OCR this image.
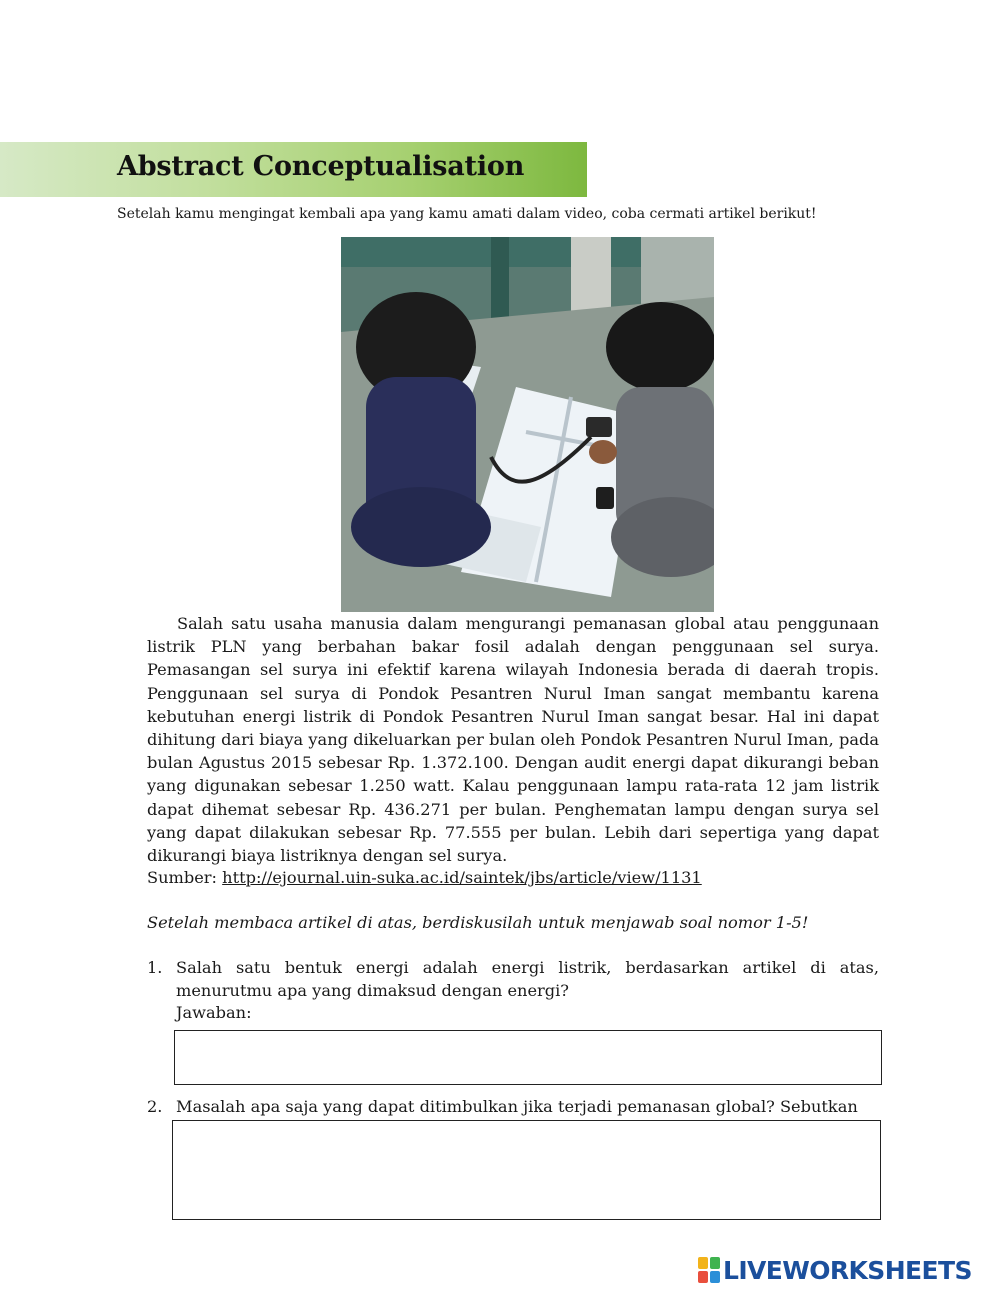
Abstract Conceptualisation
Setelah kamu mengingat kembali apa yang kamu amati dalam video, coba cermati artikel berikut!
Salah satu usaha manusia dalam mengurangi pemanasan global atau penggunaan listrik PLN yang berbahan bakar fosil adalah dengan penggunaan sel surya. Pemasangan sel surya ini efektif karena wilayah Indonesia berada di daerah tropis. Penggunaan sel surya di Pondok Pesantren Nurul Iman sangat membantu karena kebutuhan energi listrik di Pondok Pesantren Nurul Iman sangat besar. Hal ini dapat dihitung dari biaya yang dikeluarkan per bulan oleh Pondok Pesantren Nurul Iman, pada bulan Agustus 2015 sebesar Rp. 1.372.100. Dengan audit energi dapat dikurangi beban yang digunakan sebesar 1.250 watt. Kalau penggunaan lampu rata-rata 12 jam listrik dapat dihemat sebesar Rp. 436.271 per bulan. Penghematan lampu dengan surya sel yang dapat dilakukan sebesar Rp. 77.555 per bulan. Lebih dari sepertiga yang dapat dikurangi biaya listriknya dengan sel surya.
Sumber: http://ejournal.uin-suka.ac.id/saintek/jbs/article/view/1131
Setelah membaca artikel di atas, berdiskusilah untuk menjawab soal nomor 1-5!
1. Salah satu bentuk energi adalah energi listrik, berdasarkan artikel di atas, menurutmu apa yang dimaksud dengan energi?
Jawaban:
2. Masalah apa saja yang dapat ditimbulkan jika terjadi pemanasan global? Sebutkan
LIVEWORKSHEETS
